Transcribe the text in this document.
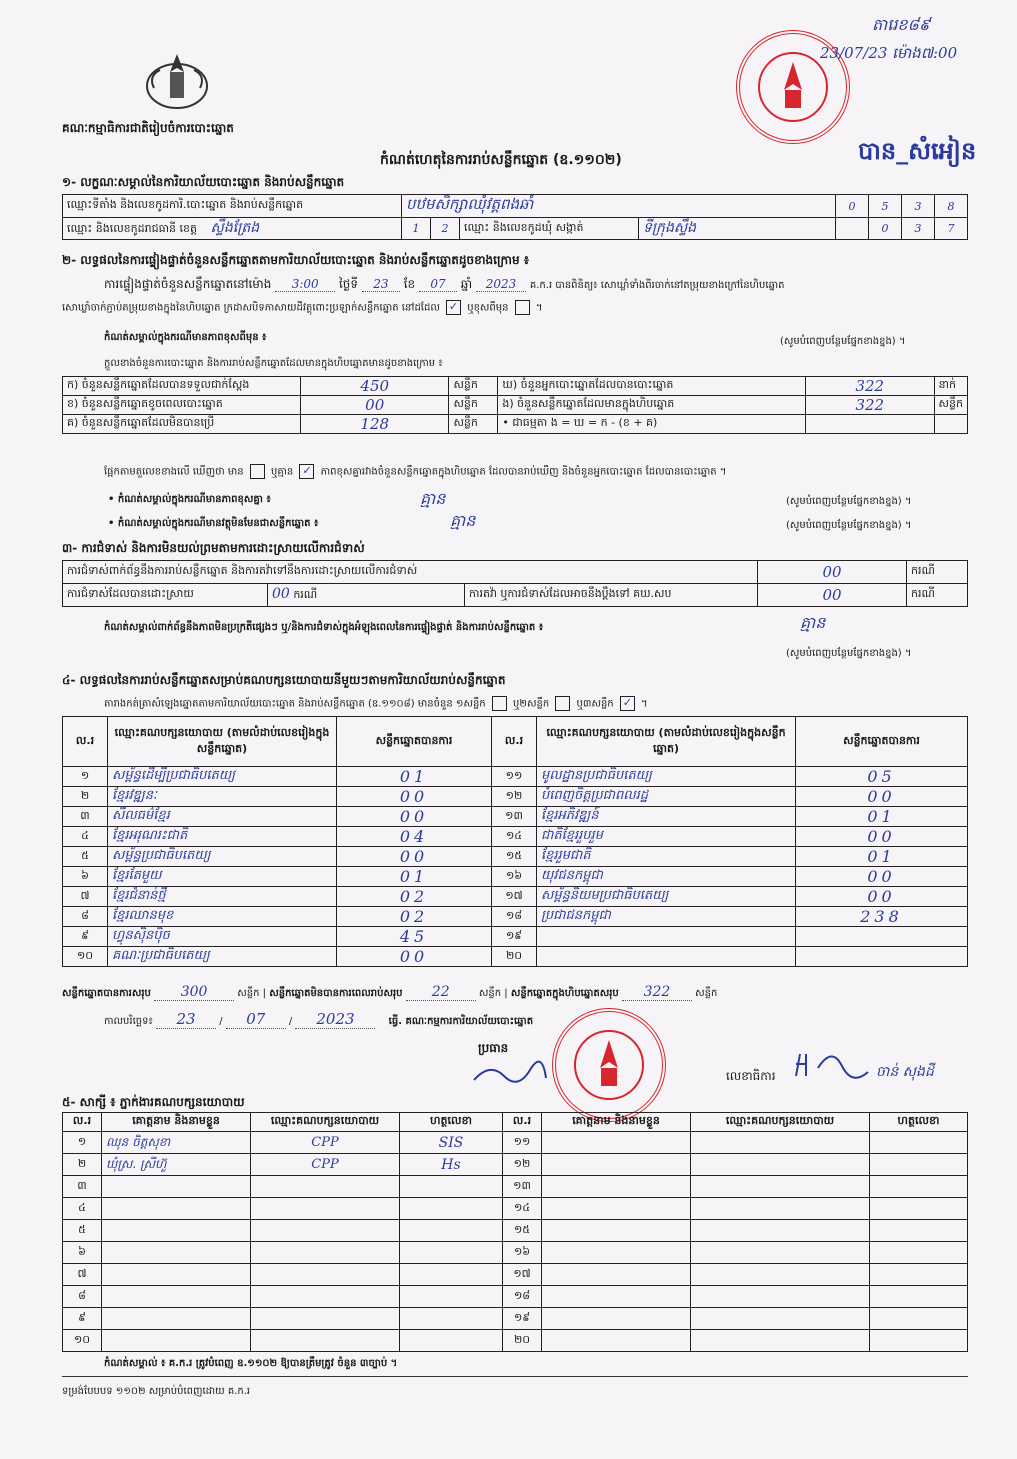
គណៈកម្មាធិការជាតិរៀបចំការបោះឆ្នោត
តារេខ៨៩
23/07/23 ម៉ោង៧:00
បាន_សំអៀន
កំណត់ហេតុនៃការរាប់សន្លឹកឆ្នោត (ឧ.១១០២)
១- លក្ខណៈសម្គាល់នៃការិយាល័យបោះឆ្នោត និងរាប់សន្លឹកឆ្នោត
ឈ្មោះទីតាំង និងលេខកូដការិ.បោះឆ្នោត និងរាប់សន្លឹកឆ្នោត	បឋមសិក្សាឈុំវត្តពងឆាំ				0	5	3	8
ឈ្មោះ និងលេខកូដរាជធានី ខេត្ត ស្ទឹងត្រែង	1	2	ឈ្មោះ និងលេខកូដឃុំ សង្កាត់	ទីក្រុងស្ទឹង		0	3	7
២- លទ្ធផលនៃការផ្ទៀងផ្ទាត់ចំនួនសន្លឹកឆ្នោតតាមការិយាល័យបោះឆ្នោត និងរាប់សន្លឹកឆ្នោតដូចខាងក្រោម ៖
ការផ្ទៀងផ្ទាត់ចំនួនសន្លឹកឆ្នោតនៅម៉ោង 3:00 ថ្ងៃទី 23 ខែ 07 ឆ្នាំ 2023 គ.ក.រ បានពិនិត្យ៖ សោឃ្លាំទាំងពីរចាក់នៅតម្រុយខាងក្រៅនៃហិបឆ្នោត
សោឃ្លាំចាក់ភ្ជាប់តម្រុយខាងក្នុងនៃហិបឆ្នោត ក្រដាសបិទភាសាយដីវត្ថុពោះប្រឡាក់សន្លឹកឆ្នោត នៅដដែល ✓ ឬខុសពីមុន  ។
កំណត់សម្គាល់ក្នុងករណីមានភាពខុសពីមុន ៖	(សូមបំពេញបន្ថែមផ្នែកខាងខ្នង) ។
ក្តួលខាងចំនួនការបោះឆ្នោត និងការរាប់សន្លឹកឆ្នោតដែលមានក្នុងហិបឆ្នោតមានដូចខាងក្រោម ៖
ក) ចំនួនសន្លឹកឆ្នោតដែលបានទទួលជាក់ស្តែង	450	សន្លឹក	ឃ) ចំនួនអ្នកបោះឆ្នោតដែលបានបោះឆ្នោត	322	នាក់
ខ) ចំនួនសន្លឹកឆ្នោតខូចពេលបោះឆ្នោត	00	សន្លឹក	ង) ចំនួនសន្លឹកឆ្នោតដែលមានក្នុងហិបឆ្នោត	322	សន្លឹក
គ) ចំនួនសន្លឹកឆ្នោតដែលមិនបានប្រើ	128	សន្លឹក	• ជាធម្មតា ង = ឃ = ក - (ខ + គ)		
ផ្អែកតាមតួលេខខាងលើ ឃើញថា មាន	ឬគ្មាន ✓ ភាពខុសគ្នារវាងចំនួនសន្លឹកឆ្នោតក្នុងហិបឆ្នោត ដែលបានរាប់ឃើញ និងចំនួនអ្នកបោះឆ្នោត ដែលបានបោះឆ្នោត ។
• កំណត់សម្គាល់ក្នុងករណីមានភាពខុសគ្នា ៖	គ្មាន	(សូមបំពេញបន្ថែមផ្នែកខាងខ្នង) ។
• កំណត់សម្គាល់ក្នុងករណីមានវត្ថុមិនមែនជាសន្លឹកឆ្នោត ៖	គ្មាន	(សូមបំពេញបន្ថែមផ្នែកខាងខ្នង) ។
៣- ការជំទាស់ និងការមិនយល់ព្រមតាមការដោះស្រាយលើការជំទាស់
ការជំទាស់ពាក់ព័ន្ធនឹងការរាប់សន្លឹកឆ្នោត និងការតវ៉ាទៅនឹងការដោះស្រាយលើការជំទាស់			00	ករណី
ការជំទាស់ដែលបានដោះស្រាយ	00 ករណី	ការតវ៉ា ឬការជំទាស់ដែលអាចនឹងប្តឹងទៅ គឃ.សប	00	ករណី
កំណត់សម្គាល់ពាក់ព័ន្ធនឹងភាពមិនប្រក្រតីផ្សេងៗ ឬ/និងការជំទាស់ក្នុងអំឡុងពេលនៃការផ្ទៀងផ្ទាត់ និងការរាប់សន្លឹកឆ្នោត ៖	គ្មាន
(សូមបំពេញបន្ថែមផ្នែកខាងខ្នង) ។
៤- លទ្ធផលនៃការរាប់សន្លឹកឆ្នោតសម្រាប់គណបក្សនយោបាយនីមួយៗតាមការិយាល័យរាប់សន្លឹកឆ្នោត
តារាងកត់ត្រាសំឡេងឆ្នោតតាមការិយាល័យបោះឆ្នោត និងរាប់សន្លឹកឆ្នោត (ឧ.១១០៨) មានចំនួន ១សន្លឹក	ឬ២សន្លឹក	ឬ៣សន្លឹក ✓ ។
ល.រ	ឈ្មោះគណបក្សនយោបាយ (តាមលំដាប់លេខរៀងក្នុងសន្លឹកឆ្នោត)	សន្លឹកឆ្នោតបានការ	ល.រ	ឈ្មោះគណបក្សនយោបាយ (តាមលំដាប់លេខរៀងក្នុងសន្លឹកឆ្នោត)	សន្លឹកឆ្នោតបានការ
១	សម្ព័ន្ធដើម្បីប្រជាធិបតេយ្យ	01	១១	មូលដ្ឋានប្រជាធិបតេយ្យ	05
២	ខ្មែរវឌ្ឍនៈ	00	១២	បំពេញចិត្តប្រជាពលរដ្ឋ	00
៣	សីលធម៌ខ្មែរ	00	១៣	ខ្មែរអភិវឌ្ឍន៍	01
៤	ខ្មែរអរុណរះជាតិ	04	១៤	ជាតិខ្មែររួបរួម	00
៥	សម្ព័ន្ធប្រជាធិបតេយ្យ	00	១៥	ខ្មែររួមជាតិ	01
៦	ខ្មែរតែមួយ	01	១៦	យុវជនកម្ពុជា	00
៧	ខ្មែរជំនាន់ថ្មី	02	១៧	សម្ព័ន្ធនិយមប្រជាធិបតេយ្យ	00
៨	ខ្មែរឈានមុខ	02	១៨	ប្រជាជនកម្ពុជា	238
៩	ហ្វុនស៊ិនប៉ិច	45	១៩		
១០	គណៈប្រជាធិបតេយ្យ	00	២០		
សន្លឹកឆ្នោតបានការសរុប 300	សន្លឹក | សន្លឹកឆ្នោតមិនបានការពេលរាប់សរុប 22	សន្លឹក | សន្លឹកឆ្នោតក្នុងហិបឆ្នោតសរុប 322 សន្លឹក
កាលបរិច្ឆេទ៖ 23 / 07 / 2023	ធ្វើ. គណៈកម្មការការិយាល័យបោះឆ្នោត
ប្រធាន
លេខាធិការ	ចាន់ សុងដី
៥- សាក្សី ៖ ភ្នាក់ងារគណបក្សនយោបាយ
ល.រ	គោត្តនាម និងនាមខ្លួន	ឈ្មោះគណបក្សនយោបាយ	ហត្ថលេខា	ល.រ	គោត្តនាម និងនាមខ្លួន	ឈ្មោះគណបក្សនយោបាយ	ហត្ថលេខា
១	ឈុន ចិត្តសុខា	CPP	SIS	១១			
២	ឃុំស្រ. ស្រីហ៊ួ	CPP	Hs	១២			
៣				១៣			
៤				១៤			
៥				១៥			
៦				១៦			
៧				១៧			
៨				១៨			
៩				១៩			
១០				២០			
កំណត់សម្គាល់ ៖ គ.ក.រ ត្រូវបំពេញ ឧ.១១០២ ឱ្យបានត្រឹមត្រូវ ចំនួន ៣ច្បាប់ ។
ទម្រង់បែបបទ ១១០២ សម្រាប់បំពេញដោយ គ.ក.រ
